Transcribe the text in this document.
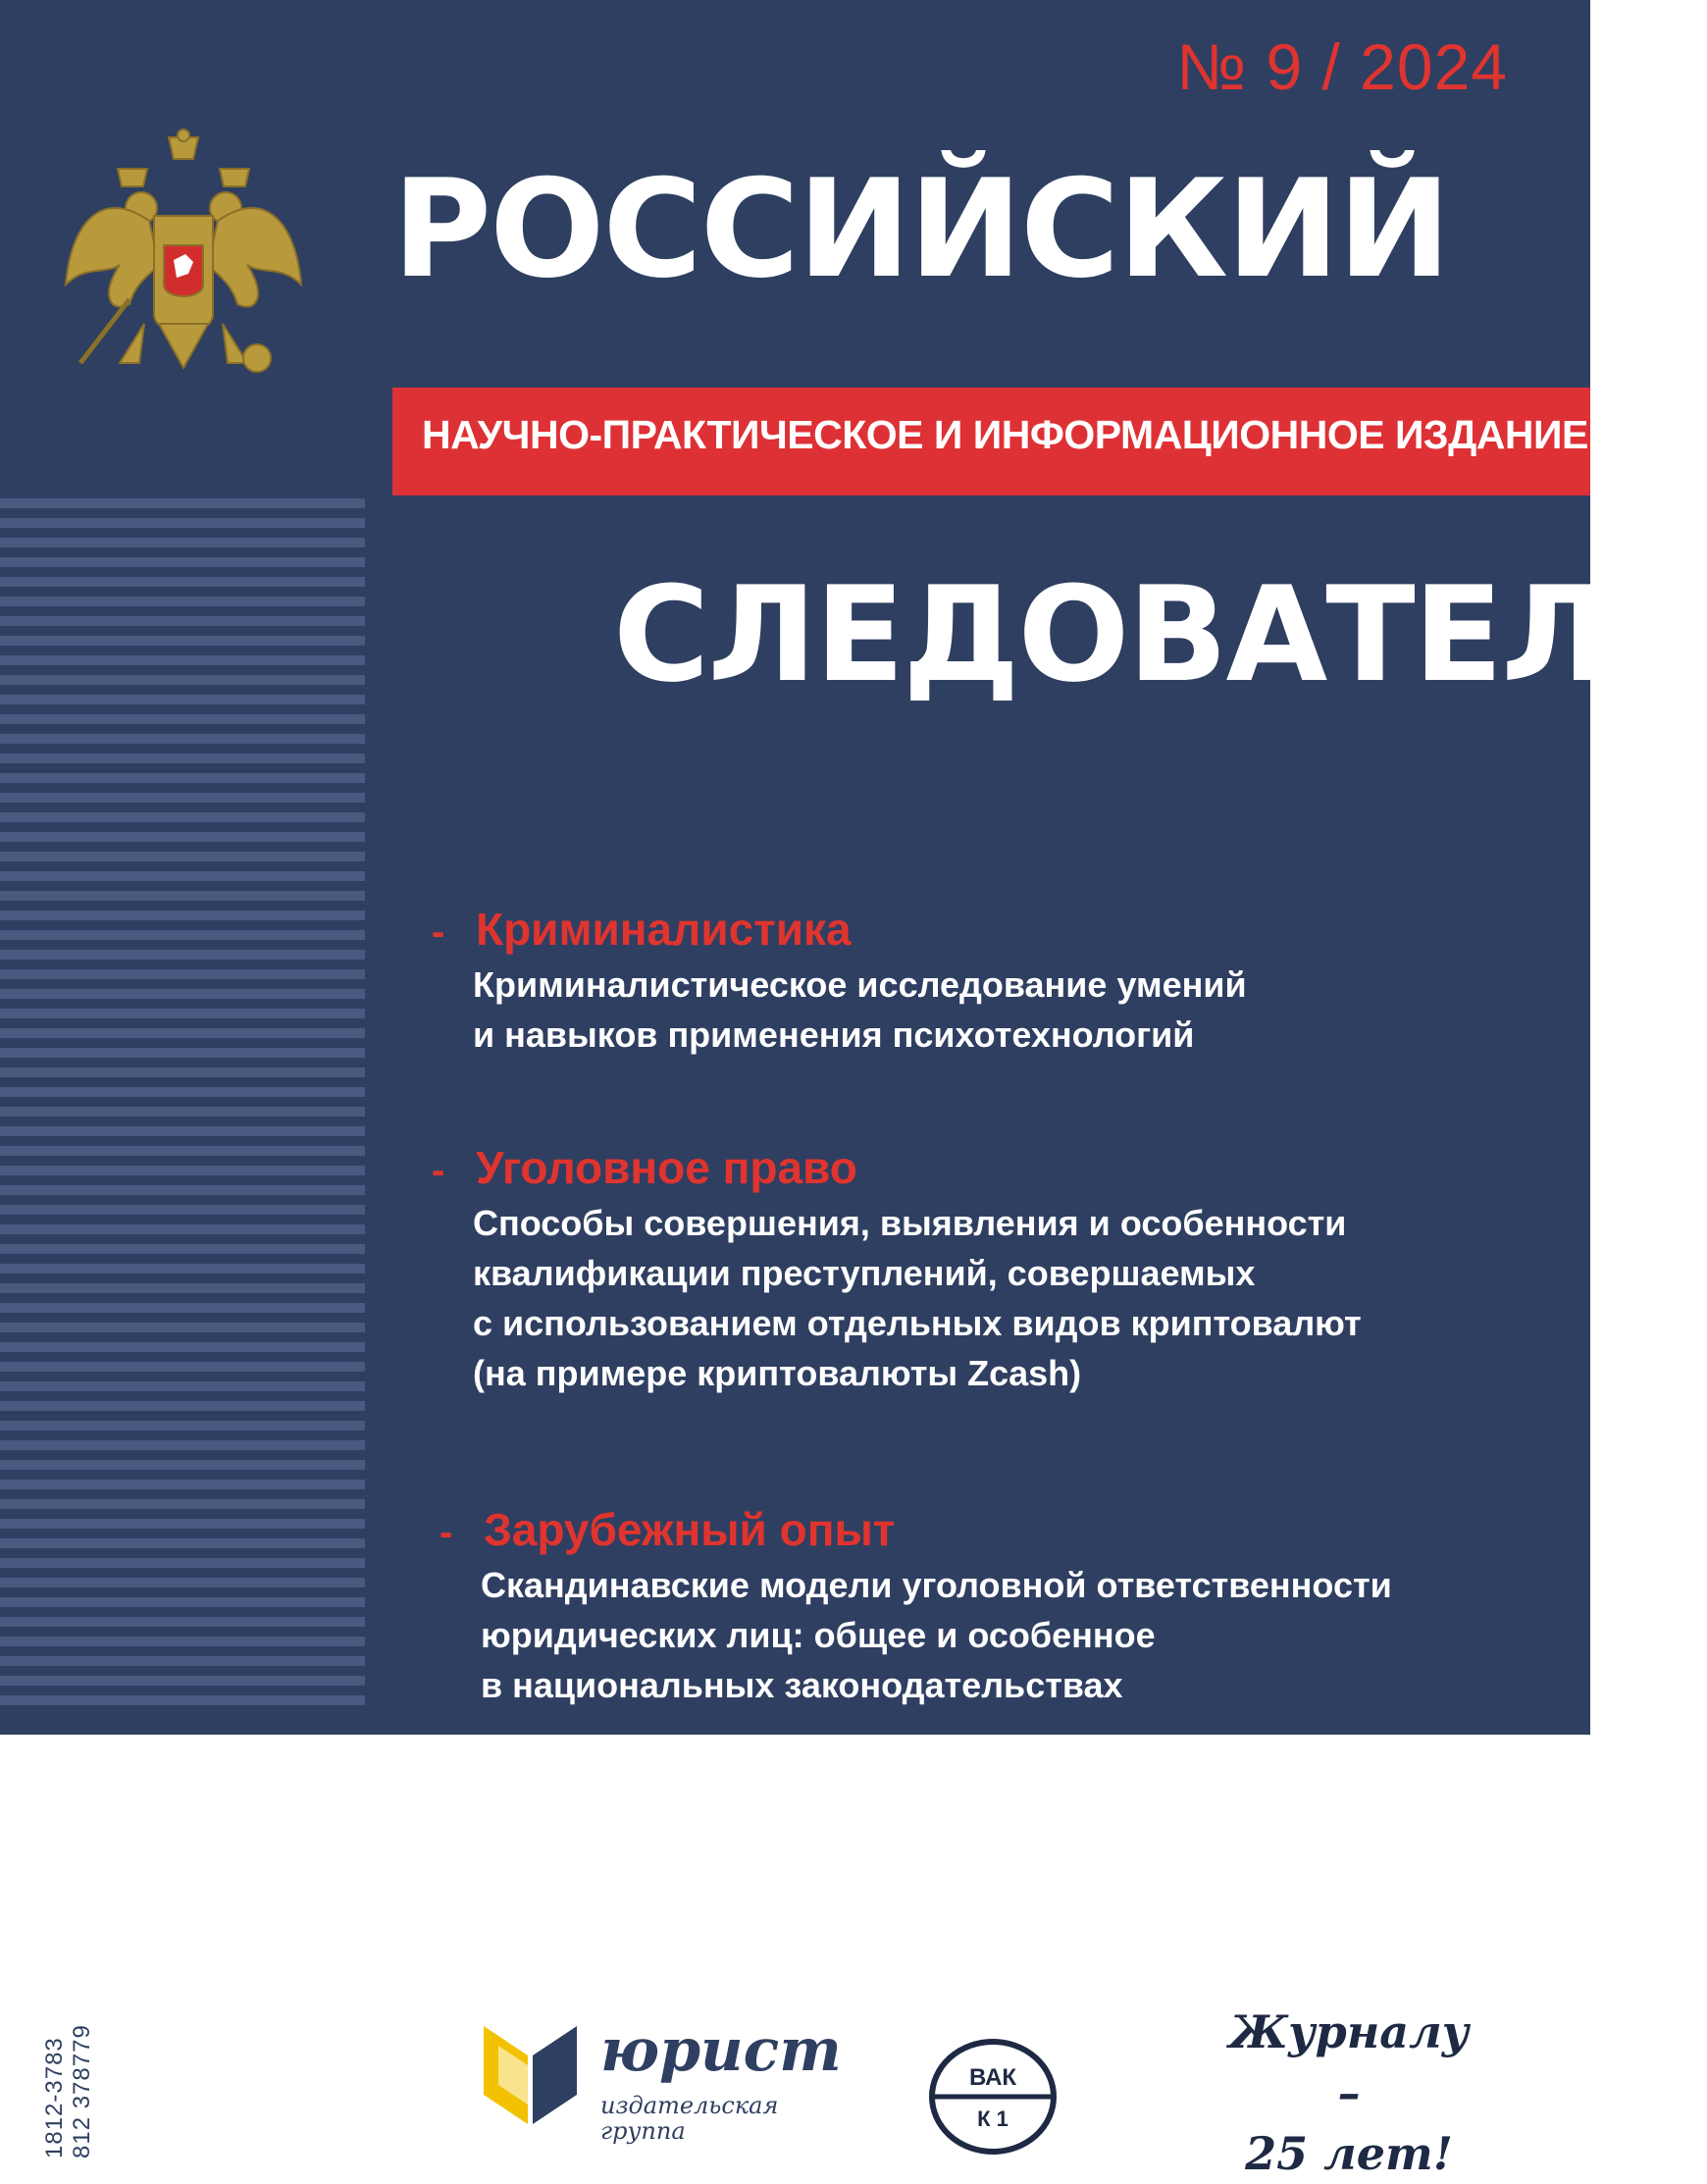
№ 9 / 2024
РОССИЙСКИЙ
НАУЧНО-ПРАКТИЧЕСКОЕ И ИНФОРМАЦИОННОЕ ИЗДАНИЕ
СЛЕДОВАТЕЛЬ
- Криминалистика
Криминалистическое исследование умений
и навыков применения психотехнологий
- Уголовное право
Способы совершения, выявления и особенности
квалификации преступлений, совершаемых
с использованием отдельных видов криптовалют
(на примере криптовалюты Zcash)
- Зарубежный опыт
Скандинавские модели уголовной ответственности
юридических лиц: общее и особенное
в национальных законодательствах
1812-3783 812 378779	юрист
издательская
группа
ВАК
К 1
Журналу –
25 лет!
